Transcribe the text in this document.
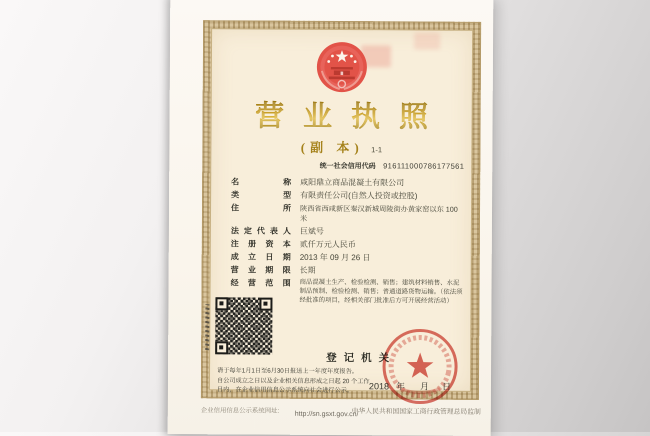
营业执照
(副 本) 1-1
统一社会信用代码 916111000786177561
名称 咸阳鼎立商品混凝土有限公司
类型 有限责任公司(自然人投资或控股)
住所 陕西省西咸新区秦汉新城周陵街办黄家窑以东 100 米
法定代表人 巨斌号
注册资本 贰仟万元人民币
成立日期 2013 年 09 月 26 日
营业期限 长期
经营范围 商品混凝土生产、检验检测、销售；建筑材料销售、水泥制品预制、检验检测、销售；普通道路货物运输。（依法须经批准的项目，经相关部门批准后方可开展经营活动）
登记机关
2018 年 月 日
请于每年1月1日至6月30日报送上一年度年度报告。
自公司成立之日以及企业相关信息形成之日起 20 个工作
日内，在企业信用信息公示系统向社会进行公示。
企业信用信息公示系统网址: http://sn.gsxt.gov.cn/
中华人民共和国国家工商行政管理总局监制
